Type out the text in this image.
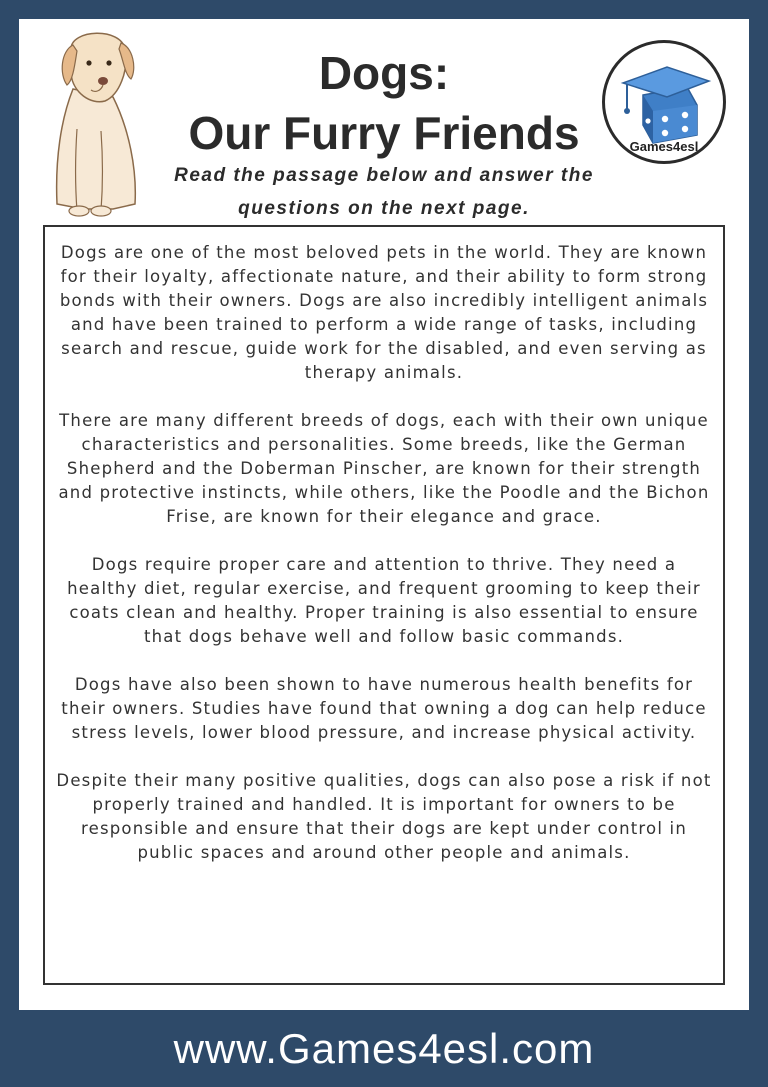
Dogs:
Our Furry Friends
Read the passage below and answer the questions on the next page.
Games4esl

Dogs are one of the most beloved pets in the world. They are known for their loyalty, affectionate nature, and their ability to form strong bonds with their owners. Dogs are also incredibly intelligent animals and have been trained to perform a wide range of tasks, including search and rescue, guide work for the disabled, and even serving as therapy animals.

There are many different breeds of dogs, each with their own unique characteristics and personalities. Some breeds, like the German Shepherd and the Doberman Pinscher, are known for their strength and protective instincts, while others, like the Poodle and the Bichon Frise, are known for their elegance and grace.

Dogs require proper care and attention to thrive. They need a healthy diet, regular exercise, and frequent grooming to keep their coats clean and healthy. Proper training is also essential to ensure that dogs behave well and follow basic commands.

Dogs have also been shown to have numerous health benefits for their owners. Studies have found that owning a dog can help reduce stress levels, lower blood pressure, and increase physical activity.

Despite their many positive qualities, dogs can also pose a risk if not properly trained and handled. It is important for owners to be responsible and ensure that their dogs are kept under control in public spaces and around other people and animals.

www.Games4esl.com
